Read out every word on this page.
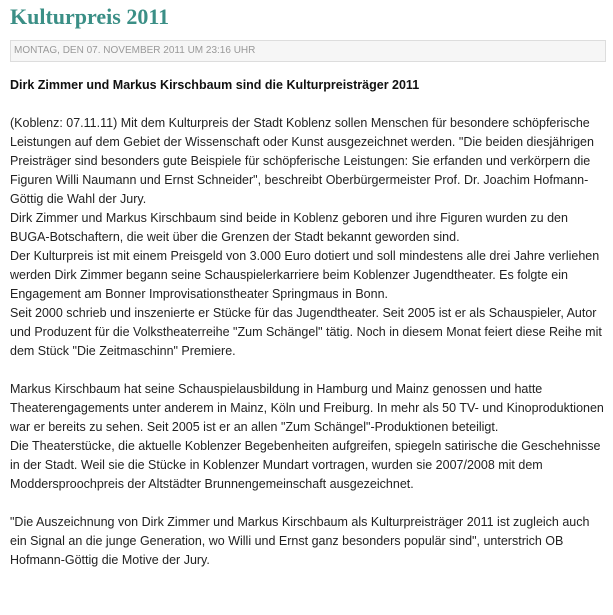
Kulturpreis 2011
MONTAG, DEN 07. NOVEMBER 2011 UM 23:16 UHR
Dirk Zimmer und Markus Kirschbaum sind die Kulturpreisträger 2011

(Koblenz: 07.11.11) Mit dem Kulturpreis der Stadt Koblenz sollen Menschen für besondere schöpferische Leistungen auf dem Gebiet der Wissenschaft oder Kunst ausgezeichnet werden. "Die beiden diesjährigen Preisträger sind besonders gute Beispiele für schöpferische Leistungen: Sie erfanden und verkörpern die Figuren Willi Naumann und Ernst Schneider", beschreibt Oberbürgermeister Prof. Dr. Joachim Hofmann-Göttig die Wahl der Jury.

Dirk Zimmer und Markus Kirschbaum sind beide in Koblenz geboren und ihre Figuren wurden zu den BUGA-Botschaftern, die weit über die Grenzen der Stadt bekannt geworden sind.

Der Kulturpreis ist mit einem Preisgeld von 3.000 Euro dotiert und soll mindestens alle drei Jahre verliehen werden Dirk Zimmer begann seine Schauspielerkarriere beim Koblenzer Jugendtheater. Es folgte ein Engagement am Bonner Improvisationstheater Springmaus in Bonn.

Seit 2000 schrieb und inszenierte er Stücke für das Jugendtheater. Seit 2005 ist er als Schauspieler, Autor und Produzent für die Volkstheaterreihe "Zum Schängel" tätig. Noch in diesem Monat feiert diese Reihe mit dem Stück "Die Zeitmaschinn" Premiere.

Markus Kirschbaum hat seine Schauspielausbildung in Hamburg und Mainz genossen und hatte Theaterengagements unter anderem in Mainz, Köln und Freiburg. In mehr als 50 TV- und Kinoproduktionen war er bereits zu sehen. Seit 2005 ist er an allen "Zum Schängel"-Produktionen beteiligt.

Die Theaterstücke, die aktuelle Koblenzer Begebenheiten aufgreifen, spiegeln satirische die Geschehnisse in der Stadt. Weil sie die Stücke in Koblenzer Mundart vortragen, wurden sie 2007/2008 mit dem Moddersproochpreis der Altstädter Brunnengemeinschaft ausgezeichnet.

"Die Auszeichnung von Dirk Zimmer und Markus Kirschbaum als Kulturpreisträger 2011 ist zugleich auch ein Signal an die junge Generation, wo Willi und Ernst ganz besonders populär sind", unterstrich OB Hofmann-Göttig die Motive der Jury.
